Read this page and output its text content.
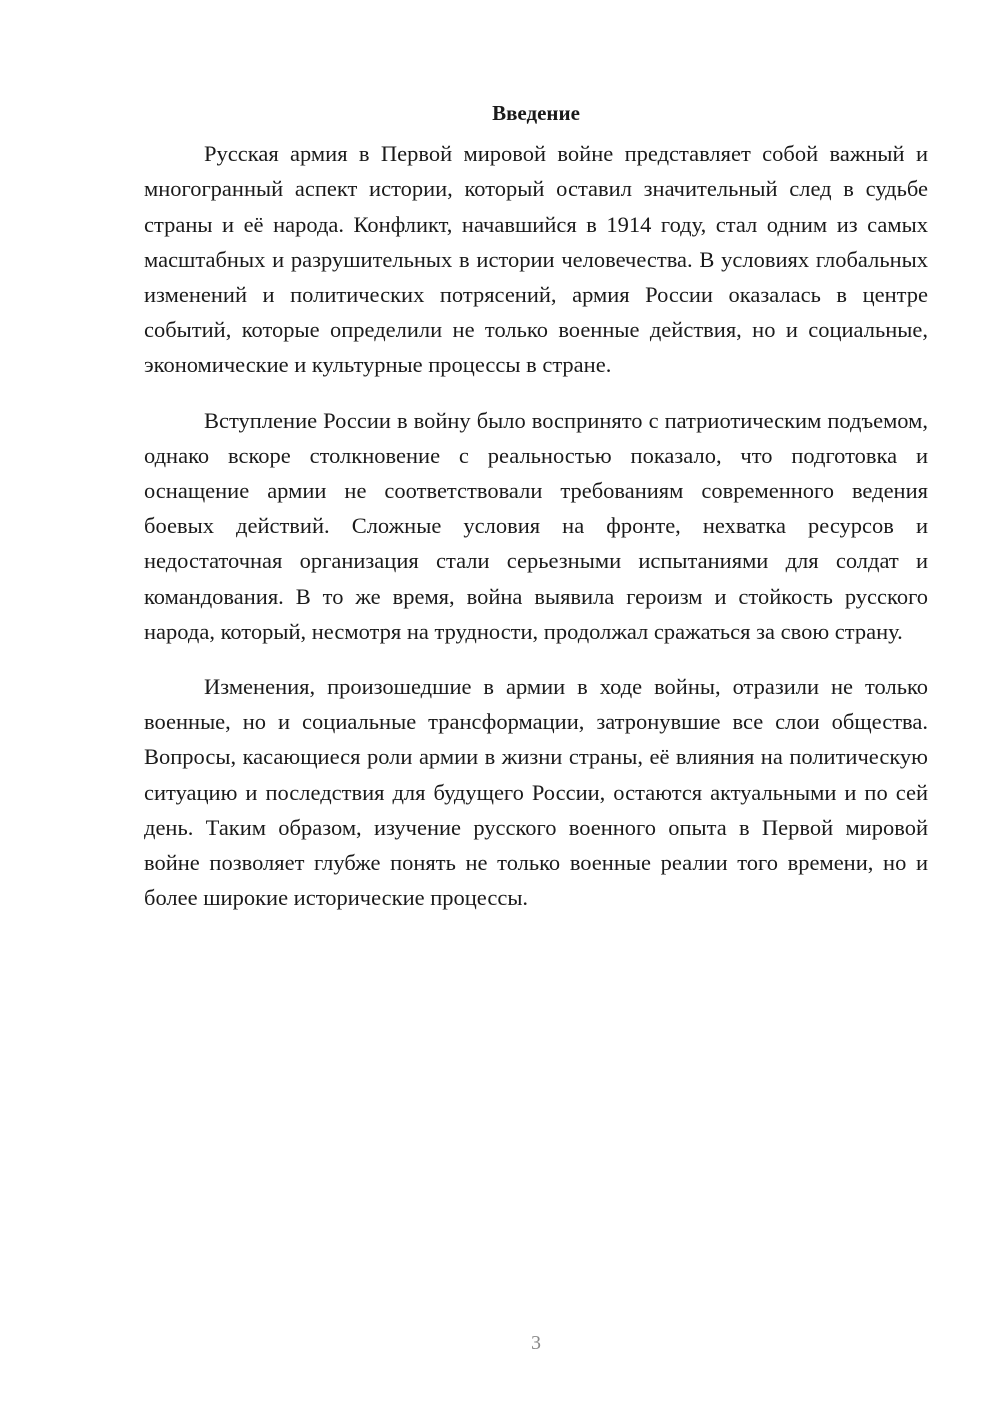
Введение

Русская армия в Первой мировой войне представляет собой важный и многогранный аспект истории, который оставил значительный след в судьбе страны и её народа. Конфликт, начавшийся в 1914 году, стал одним из самых масштабных и разрушительных в истории человечества. В условиях глобальных изменений и политических потрясений, армия России оказалась в центре событий, которые определили не только военные действия, но и социальные, экономические и культурные процессы в стране.

Вступление России в войну было воспринято с патриотическим подъемом, однако вскоре столкновение с реальностью показало, что подготовка и оснащение армии не соответствовали требованиям современного ведения боевых действий. Сложные условия на фронте, нехватка ресурсов и недостаточная организация стали серьезными испытаниями для солдат и командования. В то же время, война выявила героизм и стойкость русского народа, который, несмотря на трудности, продолжал сражаться за свою страну.

Изменения, произошедшие в армии в ходе войны, отразили не только военные, но и социальные трансформации, затронувшие все слои общества. Вопросы, касающиеся роли армии в жизни страны, её влияния на политическую ситуацию и последствия для будущего России, остаются актуальными и по сей день. Таким образом, изучение русского военного опыта в Первой мировой войне позволяет глубже понять не только военные реалии того времени, но и более широкие исторические процессы.

3
